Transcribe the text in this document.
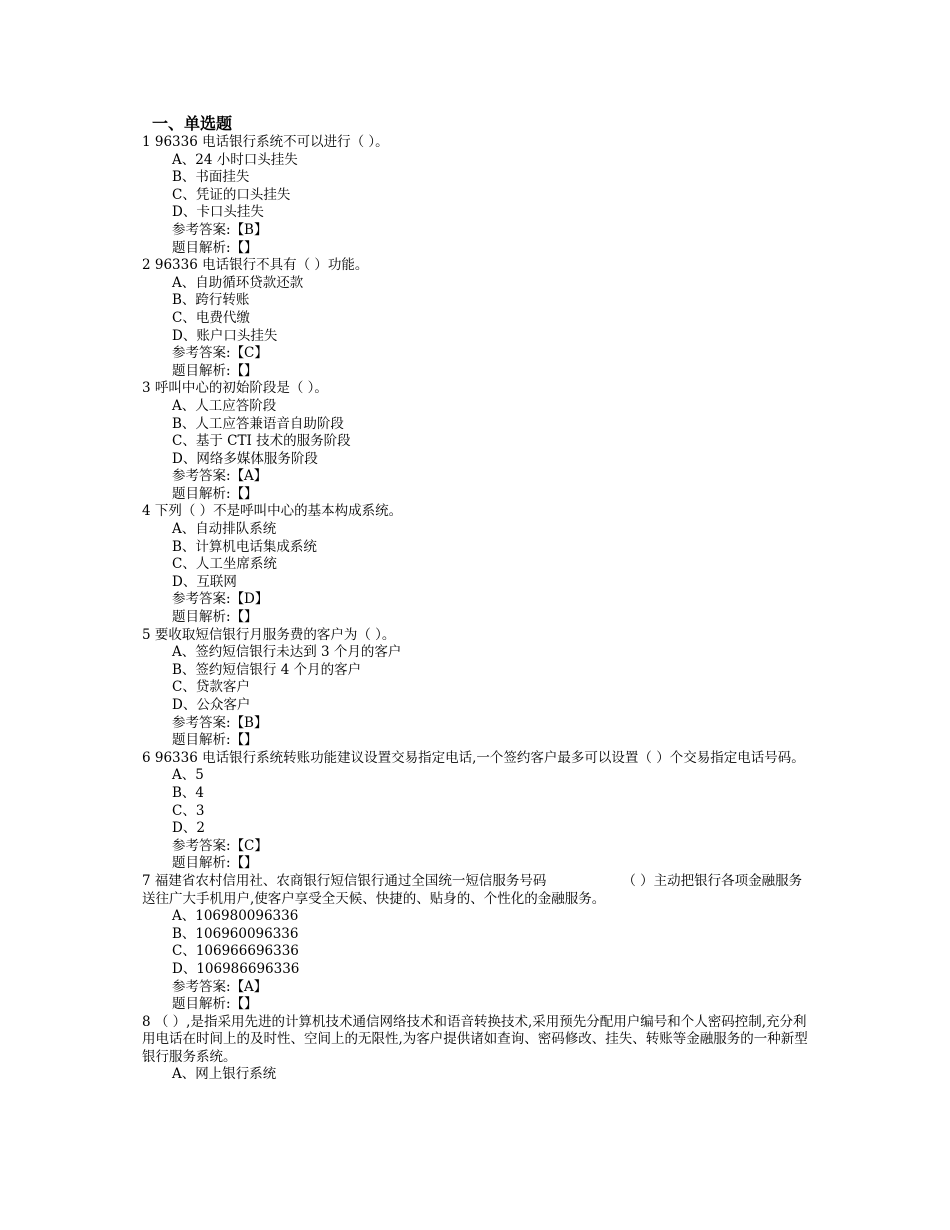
一、单选题
1 96336 电话银行系统不可以进行（ ）。
A、24 小时口头挂失
B、书面挂失
C、凭证的口头挂失
D、卡口头挂失
参考答案:【B】
题目解析:【】
2 96336 电话银行不具有（ ）功能。
A、自助循环贷款还款
B、跨行转账
C、电费代缴
D、账户口头挂失
参考答案:【C】
题目解析:【】
3 呼叫中心的初始阶段是（ ）。
A、人工应答阶段
B、人工应答兼语音自助阶段
C、基于 CTI 技术的服务阶段
D、网络多媒体服务阶段
参考答案:【A】
题目解析:【】
4 下列（ ）不是呼叫中心的基本构成系统。
A、自动排队系统
B、计算机电话集成系统
C、人工坐席系统
D、互联网
参考答案:【D】
题目解析:【】
5 要收取短信银行月服务费的客户为（ ）。
A、签约短信银行未达到 3 个月的客户
B、签约短信银行 4 个月的客户
C、贷款客户
D、公众客户
参考答案:【B】
题目解析:【】
6 96336 电话银行系统转账功能建议设置交易指定电话,一个签约客户最多可以设置（ ）个交易指定电话号码。
A、5
B、4
C、3
D、2
参考答案:【C】
题目解析:【】
7 福建省农村信用社、农商银行短信银行通过全国统一短信服务号码	（ ）主动把银行各项金融服务送往广大手机用户,使客户享受全天候、快捷的、贴身的、个性化的金融服务。
A、106980096336
B、106960096336
C、106966696336
D、106986696336
参考答案:【A】
题目解析:【】
8 （ ）,是指采用先进的计算机技术通信网络技术和语音转换技术,采用预先分配用户编号和个人密码控制,充分利用电话在时间上的及时性、空间上的无限性,为客户提供诸如查询、密码修改、挂失、转账等金融服务的一种新型银行服务系统。
A、网上银行系统
